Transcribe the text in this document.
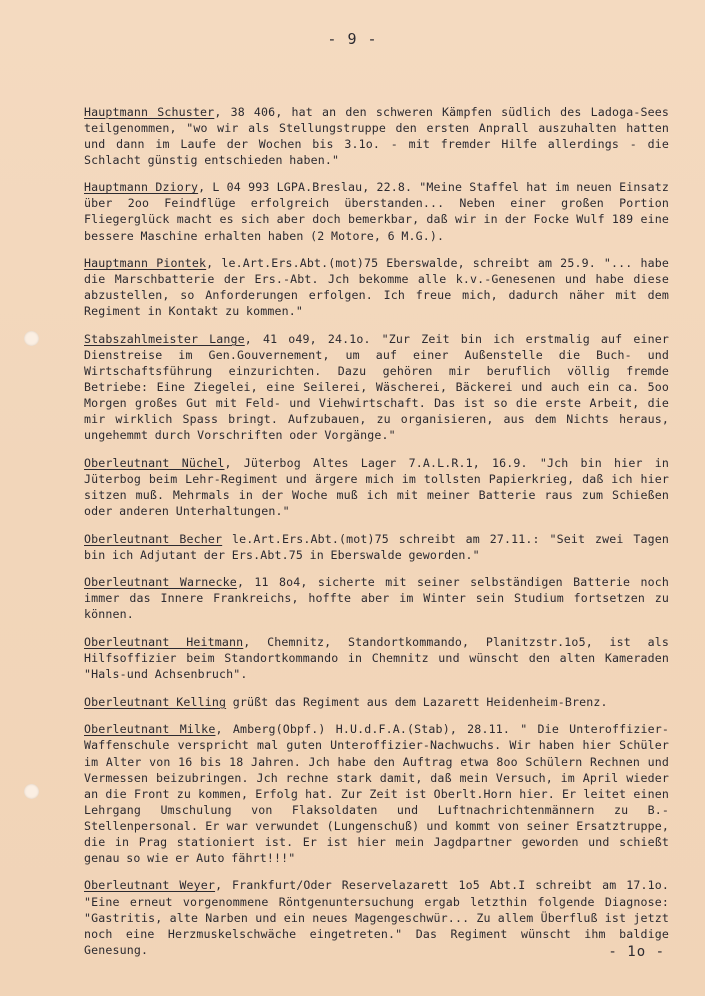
- 9 -

Hauptmann Schuster, 38 406, hat an den schweren Kämpfen südlich des Ladoga-Sees teilgenommen, "wo wir als Stellungstruppe den ersten Anprall auszuhalten hatten und dann im Laufe der Wochen bis 3.1o. - mit fremder Hilfe allerdings - die Schlacht günstig entschieden haben."

Hauptmann Dziory, L 04 993 LGPA.Breslau, 22.8. "Meine Staffel hat im neuen Einsatz über 2oo Feindflüge erfolgreich überstanden... Neben einer großen Portion Fliegerglück macht es sich aber doch bemerkbar, daß wir in der Focke Wulf 189 eine bessere Maschine erhalten haben (2 Motore, 6 M.G.).

Hauptmann Piontek, le.Art.Ers.Abt.(mot)75 Eberswalde, schreibt am 25.9. "... habe die Marschbatterie der Ers.-Abt. Jch bekomme alle k.v.-Genesenen und habe diese abzustellen, so Anforderungen erfolgen. Ich freue mich, dadurch näher mit dem Regiment in Kontakt zu kommen."

Stabszahlmeister Lange, 41 o49, 24.1o. "Zur Zeit bin ich erstmalig auf einer Dienstreise im Gen.Gouvernement, um auf einer Außenstelle die Buch- und Wirtschaftsführung einzurichten. Dazu gehören mir beruflich völlig fremde Betriebe: Eine Ziegelei, eine Seilerei, Wäscherei, Bäckerei und auch ein ca. 5oo Morgen großes Gut mit Feld- und Viehwirtschaft. Das ist so die erste Arbeit, die mir wirklich Spass bringt. Aufzubauen, zu organisieren, aus dem Nichts heraus, ungehemmt durch Vorschriften oder Vorgänge."

Oberleutnant Nüchel, Jüterbog Altes Lager 7.A.L.R.1, 16.9. "Jch bin hier in Jüterbog beim Lehr-Regiment und ärgere mich im tollsten Papierkrieg, daß ich hier sitzen muß. Mehrmals in der Woche muß ich mit meiner Batterie raus zum Schießen oder anderen Unterhaltungen."

Oberleutnant Becher le.Art.Ers.Abt.(mot)75 schreibt am 27.11.: "Seit zwei Tagen bin ich Adjutant der Ers.Abt.75 in Eberswalde geworden."

Oberleutnant Warnecke, 11 8o4, sicherte mit seiner selbständigen Batterie noch immer das Innere Frankreichs, hoffte aber im Winter sein Studium fortsetzen zu können.

Oberleutnant Heitmann, Chemnitz, Standortkommando, Planitzstr.1o5, ist als Hilfsoffizier beim Standortkommando in Chemnitz und wünscht den alten Kameraden "Hals-und Achsenbruch".

Oberleutnant Kelling grüßt das Regiment aus dem Lazarett Heidenheim-Brenz.

Oberleutnant Milke, Amberg(Obpf.) H.U.d.F.A.(Stab), 28.11. " Die Unteroffizier-Waffenschule verspricht mal guten Unteroffizier-Nachwuchs. Wir haben hier Schüler im Alter von 16 bis 18 Jahren. Jch habe den Auftrag etwa 8oo Schülern Rechnen und Vermessen beizubringen. Jch rechne stark damit, daß mein Versuch, im April wieder an die Front zu kommen, Erfolg hat. Zur Zeit ist Oberlt.Horn hier. Er leitet einen Lehrgang Umschulung von Flaksoldaten und Luftnachrichtenmännern zu B.-Stellenpersonal. Er war verwundet (Lungenschuß) und kommt von seiner Ersatztruppe, die in Prag stationiert ist. Er ist hier mein Jagdpartner geworden und schießt genau so wie er Auto fährt!!!"

Oberleutnant Weyer, Frankfurt/Oder Reservelazarett 1o5 Abt.I schreibt am 17.1o. "Eine erneut vorgenommene Röntgenuntersuchung ergab letzthin folgende Diagnose: "Gastritis, alte Narben und ein neues Magengeschwür... Zu allem Überfluß ist jetzt noch eine Herzmuskelschwäche eingetreten." Das Regiment wünscht ihm baldige Genesung.	- 1o -
